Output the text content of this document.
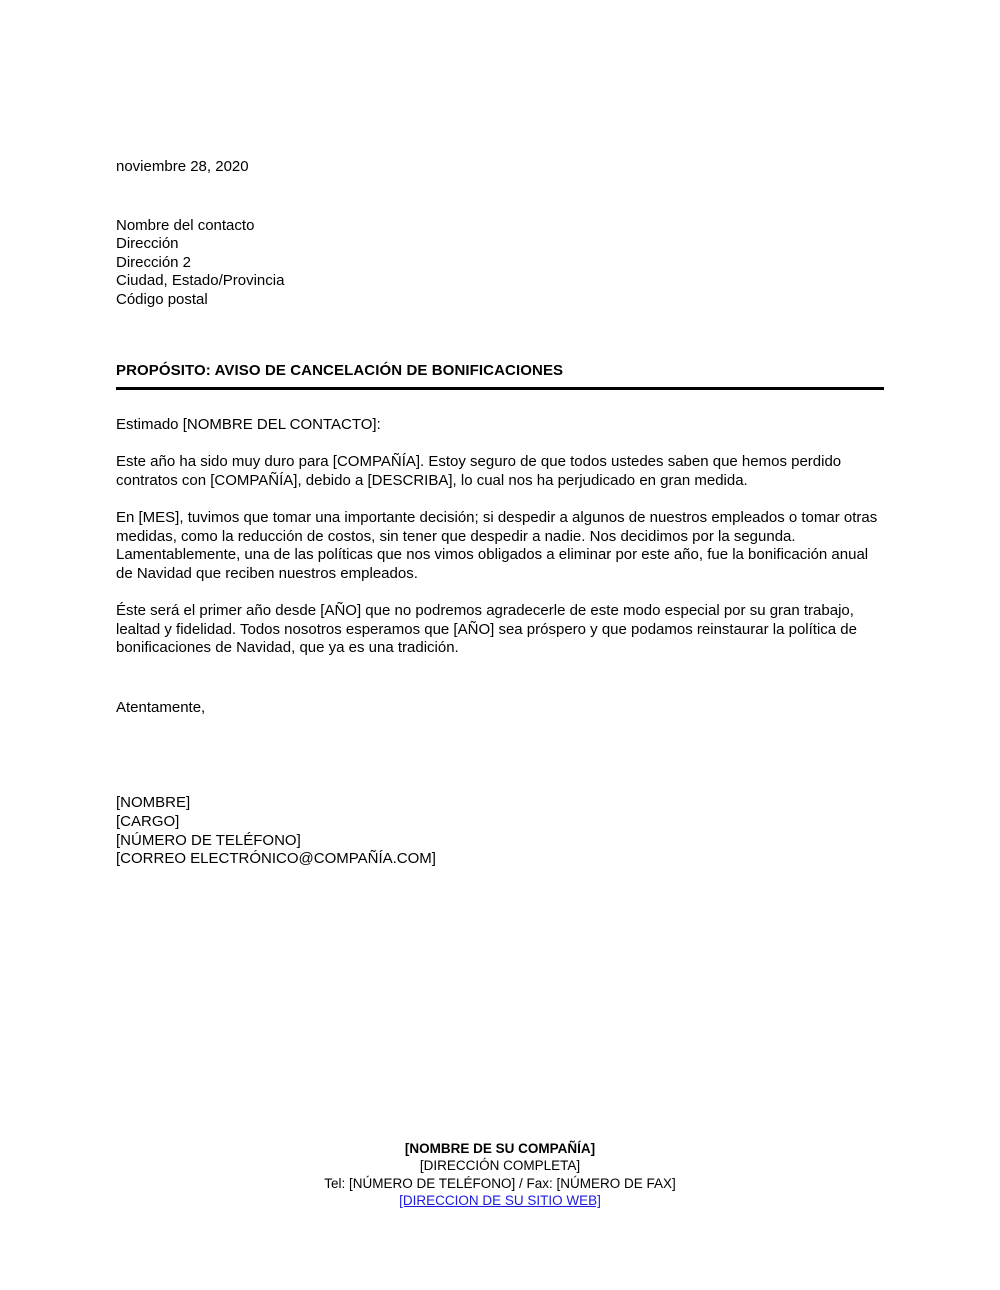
noviembre 28, 2020

Nombre del contacto
Dirección
Dirección 2
Ciudad, Estado/Provincia
Código postal

PROPÓSITO: AVISO DE CANCELACIÓN DE BONIFICACIONES

Estimado [NOMBRE DEL CONTACTO]:

Este año ha sido muy duro para [COMPAÑÍA]. Estoy seguro de que todos ustedes saben que hemos perdido contratos con [COMPAÑÍA], debido a [DESCRIBA], lo cual nos ha perjudicado en gran medida.

En [MES], tuvimos que tomar una importante decisión; si despedir a algunos de nuestros empleados o tomar otras medidas, como la reducción de costos, sin tener que despedir a nadie. Nos decidimos por la segunda. Lamentablemente, una de las políticas que nos vimos obligados a eliminar por este año, fue la bonificación anual de Navidad que reciben nuestros empleados.

Éste será el primer año desde [AÑO] que no podremos agradecerle de este modo especial por su gran trabajo, lealtad y fidelidad. Todos nosotros esperamos que [AÑO] sea próspero y que podamos reinstaurar la política de bonificaciones de Navidad, que ya es una tradición.

Atentamente,

[NOMBRE]
[CARGO]
[NÚMERO DE TELÉFONO]
[CORREO ELECTRÓNICO@COMPAÑÍA.COM]

[NOMBRE DE SU COMPAÑÍA]

[DIRECCIÓN COMPLETA]

Tel: [NÚMERO DE TELÉFONO] / Fax: [NÚMERO DE FAX]

[DIRECCION DE SU SITIO WEB]
